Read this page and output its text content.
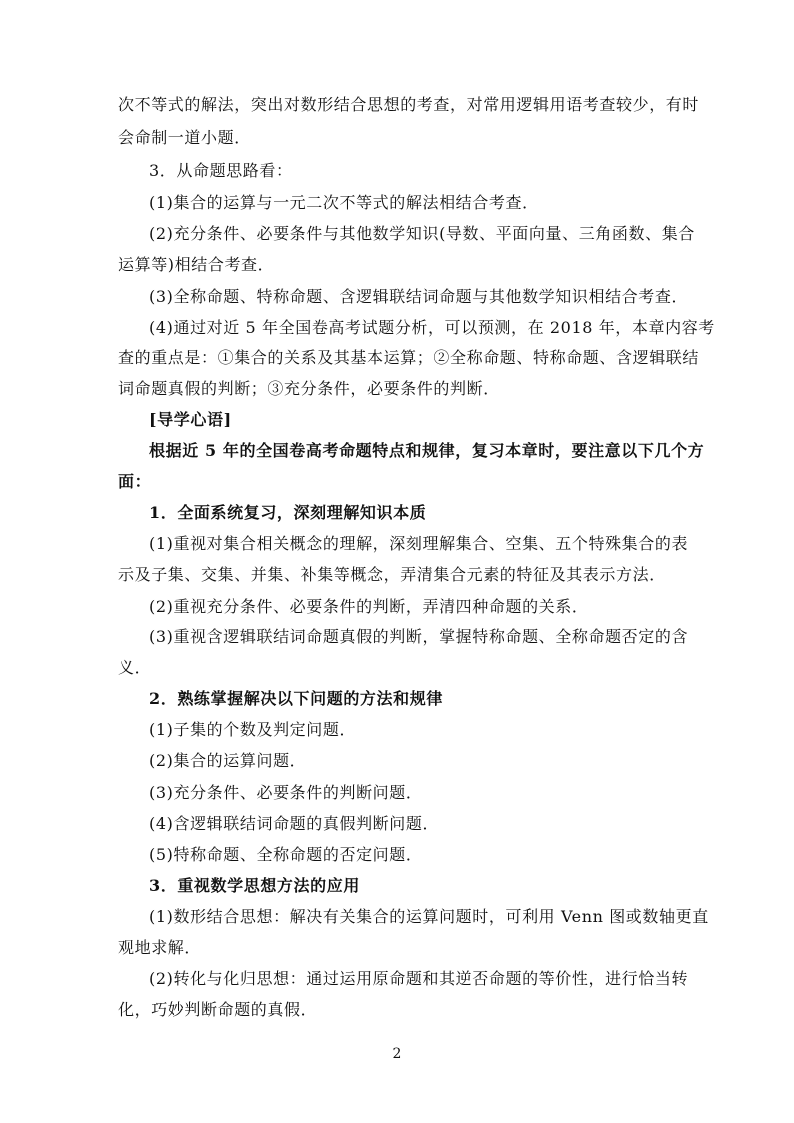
次不等式的解法，突出对数形结合思想的考查，对常用逻辑用语考查较少，有时
会命制一道小题．
3．从命题思路看：
(1)集合的运算与一元二次不等式的解法相结合考查．
(2)充分条件、必要条件与其他数学知识(导数、平面向量、三角函数、集合
运算等)相结合考查．
(3)全称命题、特称命题、含逻辑联结词命题与其他数学知识相结合考查．
(4)通过对近 5 年全国卷高考试题分析，可以预测，在 2018 年，本章内容考
查的重点是：①集合的关系及其基本运算；②全称命题、特称命题、含逻辑联结
词命题真假的判断；③充分条件，必要条件的判断．
[导学心语]
根据近 5 年的全国卷高考命题特点和规律，复习本章时，要注意以下几个方
面：
1．全面系统复习，深刻理解知识本质
(1)重视对集合相关概念的理解，深刻理解集合、空集、五个特殊集合的表
示及子集、交集、并集、补集等概念，弄清集合元素的特征及其表示方法．
(2)重视充分条件、必要条件的判断，弄清四种命题的关系．
(3)重视含逻辑联结词命题真假的判断，掌握特称命题、全称命题否定的含
义．
2．熟练掌握解决以下问题的方法和规律
(1)子集的个数及判定问题．
(2)集合的运算问题．
(3)充分条件、必要条件的判断问题．
(4)含逻辑联结词命题的真假判断问题．
(5)特称命题、全称命题的否定问题．
3．重视数学思想方法的应用
(1)数形结合思想：解决有关集合的运算问题时，可利用 Venn 图或数轴更直
观地求解．
(2)转化与化归思想：通过运用原命题和其逆否命题的等价性，进行恰当转
化，巧妙判断命题的真假．
2
